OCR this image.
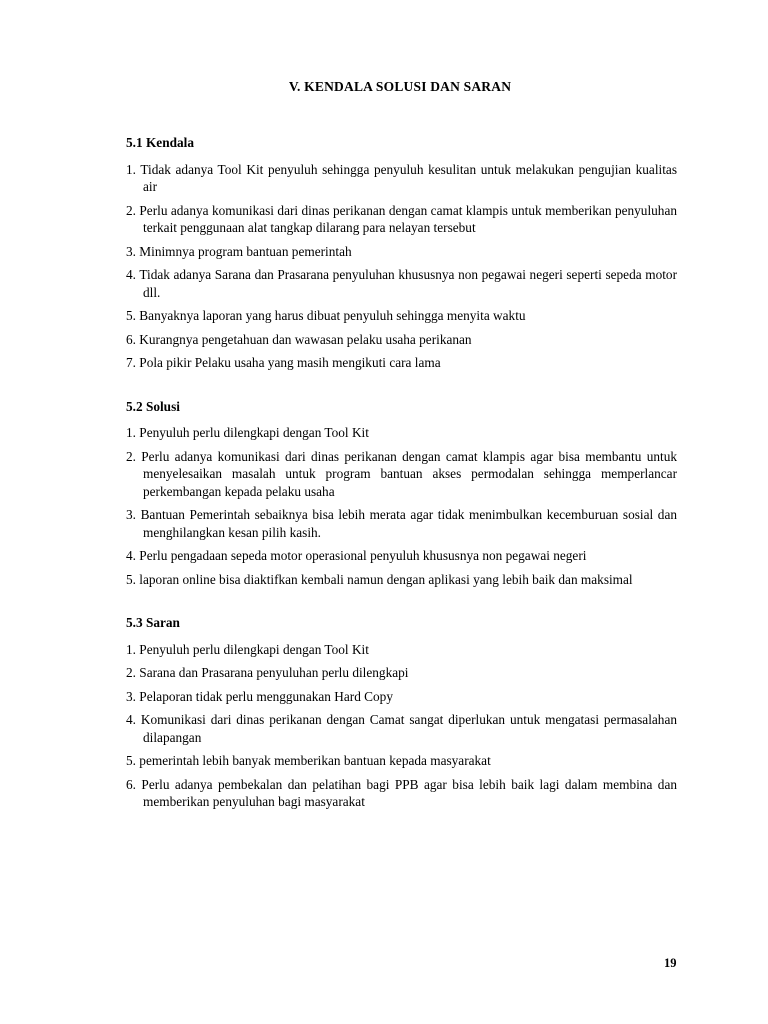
V. KENDALA SOLUSI DAN SARAN
5.1 Kendala
1. Tidak adanya Tool Kit penyuluh sehingga penyuluh kesulitan untuk melakukan pengujian kualitas air
2. Perlu adanya komunikasi dari dinas perikanan dengan camat klampis untuk memberikan penyuluhan terkait penggunaan alat tangkap dilarang para nelayan tersebut
3. Minimnya program bantuan pemerintah
4. Tidak adanya Sarana dan Prasarana penyuluhan khususnya non pegawai negeri seperti sepeda motor dll.
5. Banyaknya laporan yang harus dibuat penyuluh sehingga menyita waktu
6. Kurangnya pengetahuan dan wawasan pelaku usaha perikanan
7. Pola pikir Pelaku usaha yang masih mengikuti cara lama
5.2 Solusi
1. Penyuluh perlu dilengkapi dengan Tool Kit
2. Perlu adanya komunikasi dari dinas perikanan dengan camat klampis agar bisa membantu untuk menyelesaikan masalah untuk program bantuan akses permodalan sehingga memperlancar perkembangan kepada pelaku usaha
3. Bantuan Pemerintah sebaiknya bisa lebih merata agar tidak menimbulkan kecemburuan sosial dan menghilangkan kesan pilih kasih.
4. Perlu pengadaan sepeda motor operasional penyuluh khususnya non pegawai negeri
5. laporan online bisa diaktifkan kembali namun dengan aplikasi yang lebih baik dan maksimal
5.3 Saran
1. Penyuluh perlu dilengkapi dengan Tool Kit
2. Sarana dan Prasarana penyuluhan perlu dilengkapi
3. Pelaporan tidak perlu menggunakan Hard Copy
4. Komunikasi dari dinas perikanan dengan Camat sangat diperlukan untuk mengatasi permasalahan dilapangan
5. pemerintah lebih banyak memberikan bantuan kepada masyarakat
6. Perlu adanya pembekalan dan pelatihan bagi PPB agar bisa lebih baik lagi dalam membina dan memberikan penyuluhan bagi masyarakat
19
